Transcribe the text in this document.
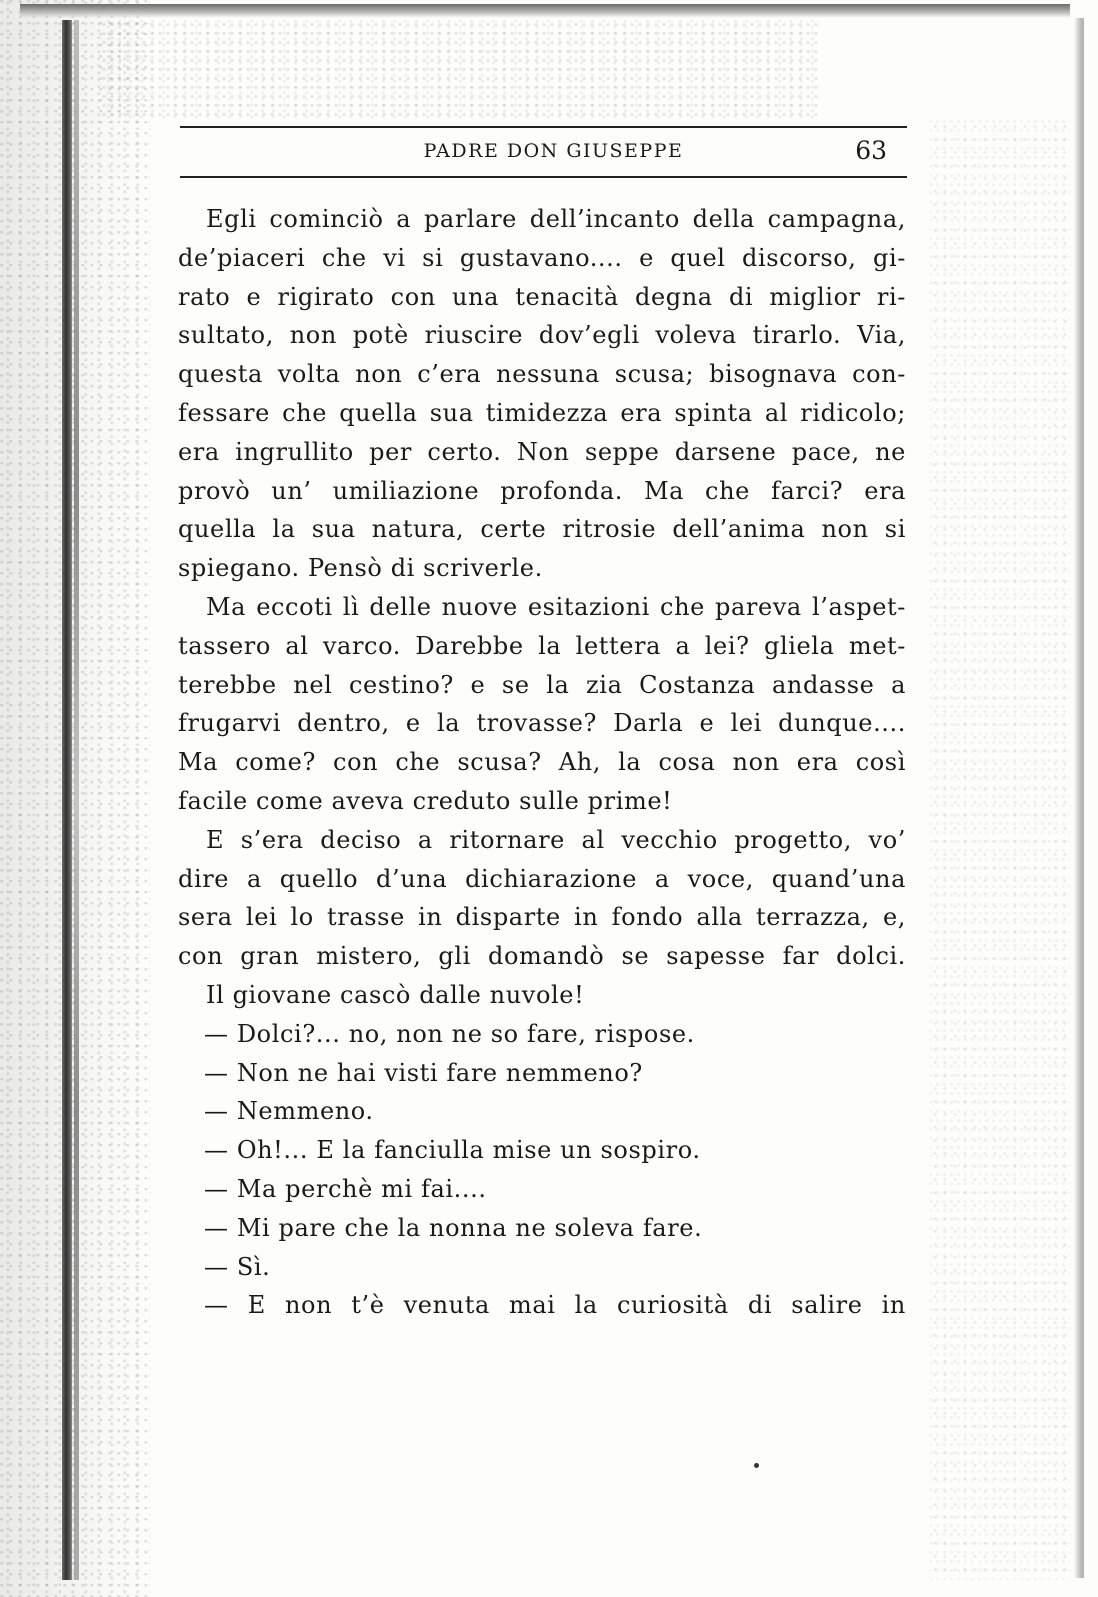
PADRE DON GIUSEPPE	63
Egli cominciò a parlare dell’incanto della campagna,
de’piaceri che vi si gustavano.... e quel discorso, gi-
rato e rigirato con una tenacità degna di miglior ri-
sultato, non potè riuscire dov’egli voleva tirarlo. Via,
questa volta non c’era nessuna scusa; bisognava con-
fessare che quella sua timidezza era spinta al ridicolo;
era ingrullito per certo. Non seppe darsene pace, ne
provò un’ umiliazione profonda. Ma che farci? era
quella la sua natura, certe ritrosie dell’anima non si
spiegano. Pensò di scriverle.
Ma eccoti lì delle nuove esitazioni che pareva l’aspet-
tassero al varco. Darebbe la lettera a lei? gliela met-
terebbe nel cestino? e se la zia Costanza andasse a
frugarvi dentro, e la trovasse? Darla e lei dunque....
Ma come? con che scusa? Ah, la cosa non era così
facile come aveva creduto sulle prime!
E s’era deciso a ritornare al vecchio progetto, vo’
dire a quello d’una dichiarazione a voce, quand’una
sera lei lo trasse in disparte in fondo alla terrazza, e,
con gran mistero, gli domandò se sapesse far dolci.
Il giovane cascò dalle nuvole!
— Dolci?... no, non ne so fare, rispose.
— Non ne hai visti fare nemmeno?
— Nemmeno.
— Oh!... E la fanciulla mise un sospiro.
— Ma perchè mi fai....
— Mi pare che la nonna ne soleva fare.
— Sì.
— E non t’è venuta mai la curiosità di salire in
